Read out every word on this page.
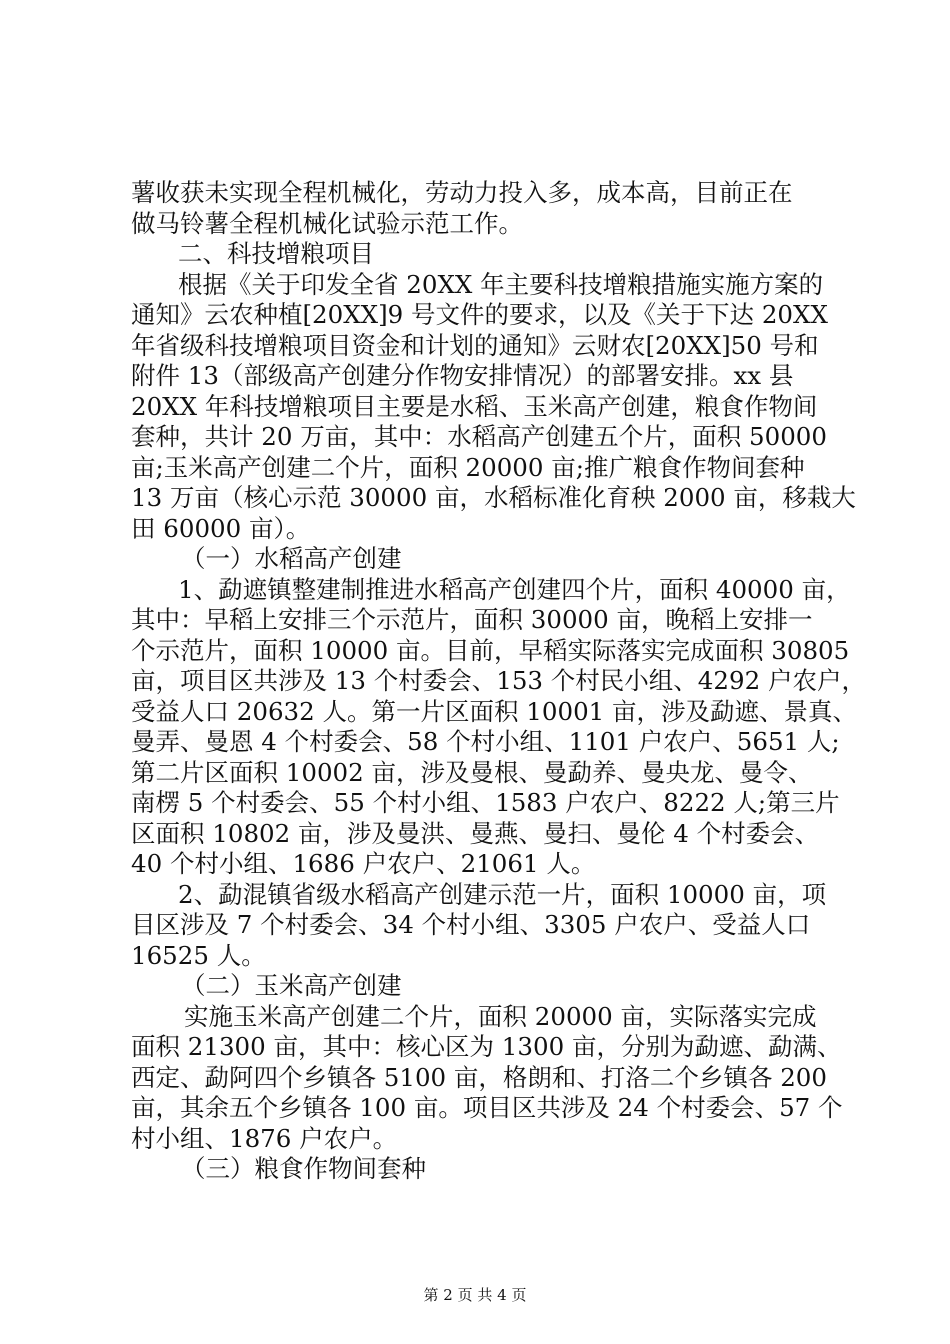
薯收获未实现全程机械化，劳动力投入多，成本高，目前正在
做马铃薯全程机械化试验示范工作。
二、科技增粮项目
根据《关于印发全省 20XX 年主要科技增粮措施实施方案的
通知》云农种植[20XX]9 号文件的要求，以及《关于下达 20XX
年省级科技增粮项目资金和计划的通知》云财农[20XX]50 号和
附件 13（部级高产创建分作物安排情况）的部署安排。xx 县
20XX 年科技增粮项目主要是水稻、玉米高产创建，粮食作物间
套种，共计 20 万亩，其中：水稻高产创建五个片，面积 50000
亩;玉米高产创建二个片，面积 20000 亩;推广粮食作物间套种
13 万亩（核心示范 30000 亩，水稻标准化育秧 2000 亩，移栽大
田 60000 亩）。
（一）水稻高产创建
1、勐遮镇整建制推进水稻高产创建四个片，面积 40000 亩，
其中：早稻上安排三个示范片，面积 30000 亩，晚稻上安排一
个示范片，面积 10000 亩。目前，早稻实际落实完成面积 30805
亩，项目区共涉及 13 个村委会、153 个村民小组、4292 户农户，
受益人口 20632 人。第一片区面积 10001 亩，涉及勐遮、景真、
曼弄、曼恩 4 个村委会、58 个村小组、1101 户农户、5651 人;
第二片区面积 10002 亩，涉及曼根、曼勐养、曼央龙、曼令、
南楞 5 个村委会、55 个村小组、1583 户农户、8222 人;第三片
区面积 10802 亩，涉及曼洪、曼燕、曼扫、曼伦 4 个村委会、
40 个村小组、1686 户农户、21061 人。
2、勐混镇省级水稻高产创建示范一片，面积 10000 亩，项
目区涉及 7 个村委会、34 个村小组、3305 户农户、受益人口
16525 人。
（二）玉米高产创建
实施玉米高产创建二个片，面积 20000 亩，实际落实完成
面积 21300 亩，其中：核心区为 1300 亩，分别为勐遮、勐满、
西定、勐阿四个乡镇各 5100 亩，格朗和、打洛二个乡镇各 200
亩，其余五个乡镇各 100 亩。项目区共涉及 24 个村委会、57 个
村小组、1876 户农户。
（三）粮食作物间套种
第 2 页 共 4 页
